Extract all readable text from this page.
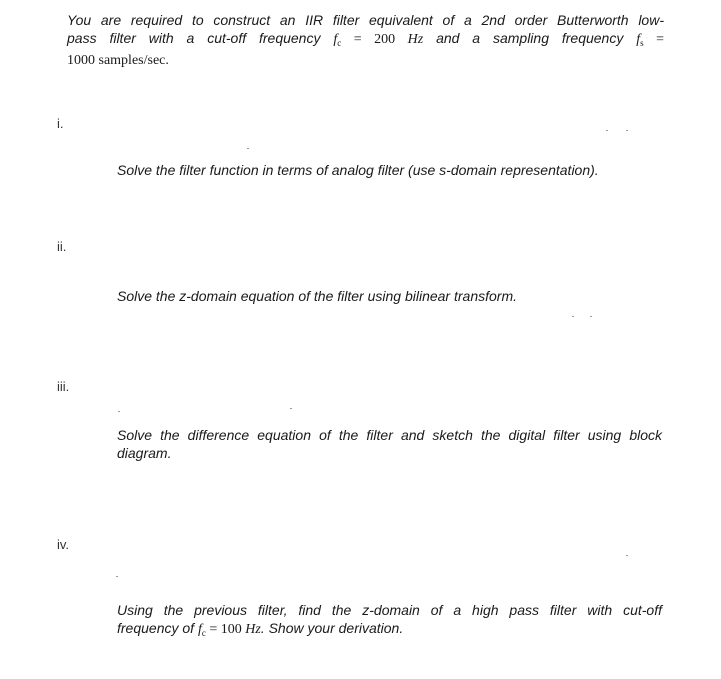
You are required to construct an IIR filter equivalent of a 2nd order Butterworth low-
pass filter with a cut-off frequency $f_c = 200$ Hz and a sampling frequency $f_s$ =
1000 samples/sec.
i.
Solve the filter function in terms of analog filter (use s-domain representation).
ii.
Solve the z-domain equation of the filter using bilinear transform.
iii.
Solve the difference equation of the filter and sketch the digital filter using block
diagram.
iv.
Using the previous filter, find the z-domain of a high pass filter with cut-off
frequency of $f_c = 100$ Hz. Show your derivation.
